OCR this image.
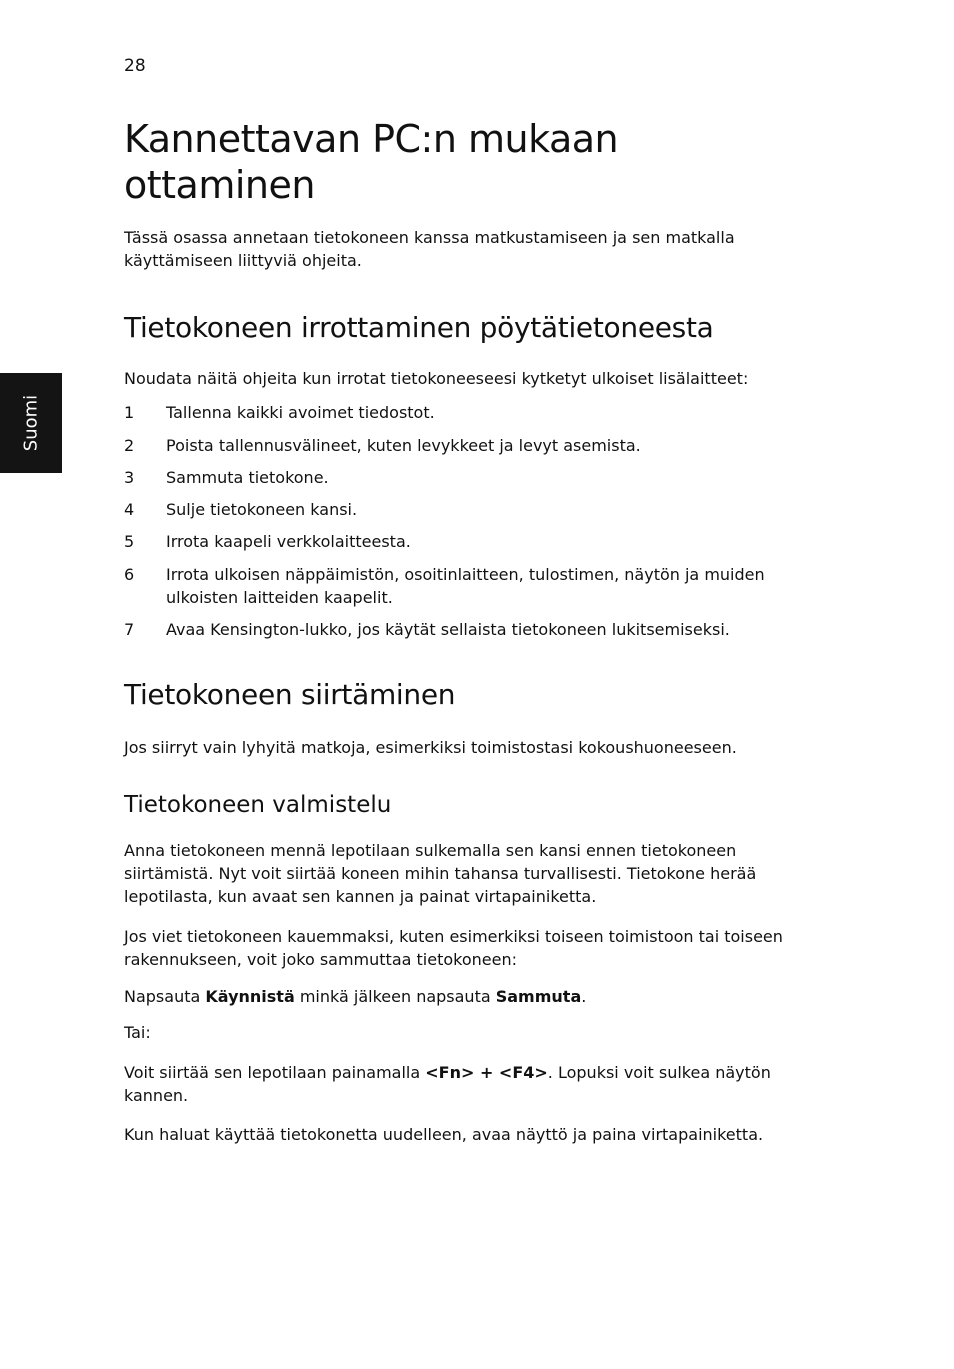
28
Suomi
Kannettavan PC:n mukaan ottaminen

Tässä osassa annetaan tietokoneen kanssa matkustamiseen ja sen matkalla käyttämiseen liittyviä ohjeita.

Tietokoneen irrottaminen pöytätietoneesta

Noudata näitä ohjeita kun irrotat tietokoneeseesi kytketyt ulkoiset lisälaitteet:

1 Tallenna kaikki avoimet tiedostot.
2 Poista tallennusvälineet, kuten levykkeet ja levyt asemista.
3 Sammuta tietokone.
4 Sulje tietokoneen kansi.
5 Irrota kaapeli verkkolaitteesta.
6 Irrota ulkoisen näppäimistön, osoitinlaitteen, tulostimen, näytön ja muiden ulkoisten laitteiden kaapelit.
7 Avaa Kensington-lukko, jos käytät sellaista tietokoneen lukitsemiseksi.
Tietokoneen siirtäminen

Jos siirryt vain lyhyitä matkoja, esimerkiksi toimistostasi kokoushuoneeseen.

Tietokoneen valmistelu

Anna tietokoneen mennä lepotilaan sulkemalla sen kansi ennen tietokoneen siirtämistä. Nyt voit siirtää koneen mihin tahansa turvallisesti. Tietokone herää lepotilasta, kun avaat sen kannen ja painat virtapainiketta.

Jos viet tietokoneen kauemmaksi, kuten esimerkiksi toiseen toimistoon tai toiseen rakennukseen, voit joko sammuttaa tietokoneen:

Napsauta Käynnistä minkä jälkeen napsauta Sammuta.

Tai:

Voit siirtää sen lepotilaan painamalla <Fn> + <F4>. Lopuksi voit sulkea näytön kannen.

Kun haluat käyttää tietokonetta uudelleen, avaa näyttö ja paina virtapainiketta.
